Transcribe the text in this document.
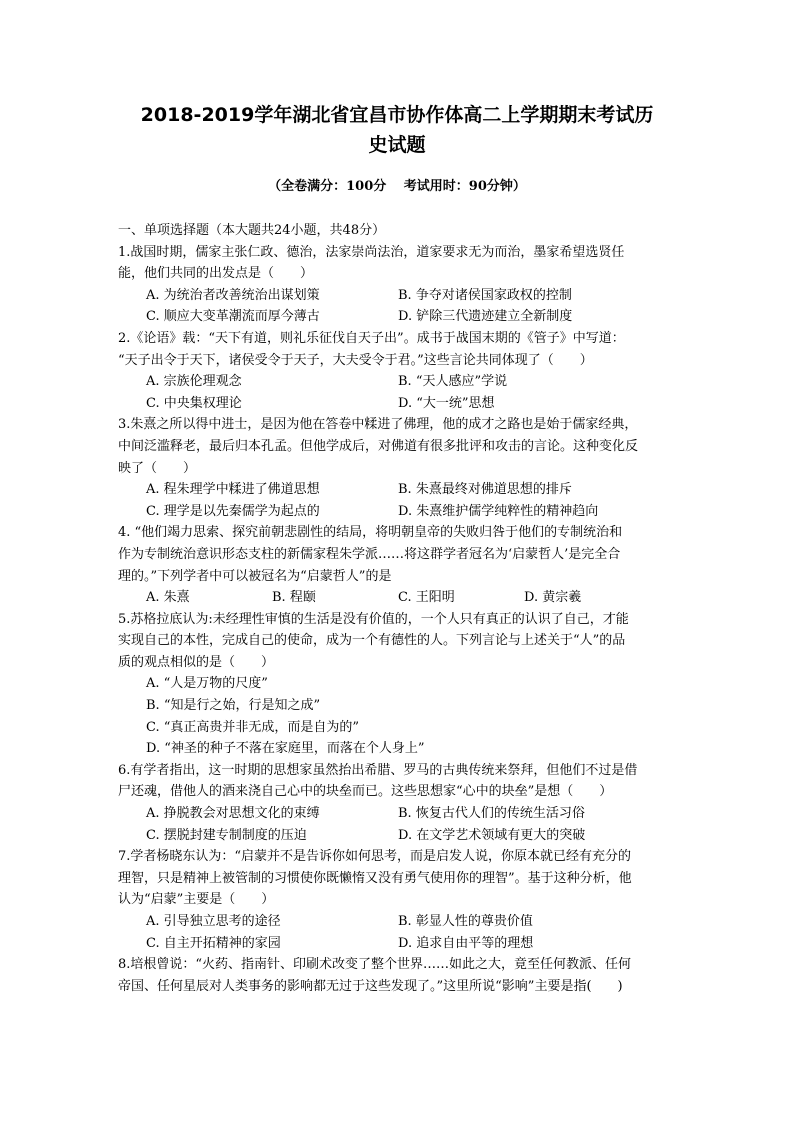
2018-2019学年湖北省宜昌市协作体高二上学期期末考试历
史试题
（全卷满分：100分　 考试用时：90分钟）
一、单项选择题（本大题共24小题，共48分）
1.战国时期，儒家主张仁政、德治，法家崇尚法治，道家要求无为而治，墨家希望选贤任
能，他们共同的出发点是（　　）
A. 为统治者改善统治出谋划策	B. 争夺对诸侯国家政权的控制
C. 顺应大变革潮流而厚今薄古	D. 铲除三代遗迹建立全新制度
2.《论语》载：“天下有道，则礼乐征伐自天子出”。成书于战国末期的《管子》中写道：
“天子出令于天下，诸侯受令于天子，大夫受令于君。”这些言论共同体现了（　　）
A. 宗族伦理观念	B. “天人感应”学说
C. 中央集权理论	D. “大一统”思想
3.朱熹之所以得中进士，是因为他在答卷中糅进了佛理，他的成才之路也是始于儒家经典，
中间泛滥释老，最后归本孔孟。但他学成后，对佛道有很多批评和攻击的言论。这种变化反
映了（　　）
A. 程朱理学中糅进了佛道思想	B. 朱熹最终对佛道思想的排斥
C. 理学是以先秦儒学为起点的	D. 朱熹维护儒学纯粹性的精神趋向
4. “他们竭力思索、探究前朝悲剧性的结局，将明朝皇帝的失败归咎于他们的专制统治和
作为专制统治意识形态支柱的新儒家程朱学派……将这群学者冠名为‘启蒙哲人’是完全合
理的。”下列学者中可以被冠名为“启蒙哲人”的是
A. 朱熹	B. 程颐	C. 王阳明	D. 黄宗羲
5.苏格拉底认为:未经理性审慎的生活是没有价值的，一个人只有真正的认识了自己，才能
实现自己的本性，完成自己的使命，成为一个有德性的人。下列言论与上述关于“人”的品
质的观点相似的是（　　）
A. “人是万物的尺度”
B. “知是行之始，行是知之成”
C. “真正高贵并非无成，而是自为的”
D. “神圣的种子不落在家庭里，而落在个人身上”
6.有学者指出，这一时期的思想家虽然抬出希腊、罗马的古典传统来祭拜，但他们不过是借
尸还魂，借他人的酒来浇自己心中的块垒而已。这些思想家“心中的块垒”是想（　　）
A. 挣脱教会对思想文化的束缚	B. 恢复古代人们的传统生活习俗
C. 摆脱封建专制制度的压迫	D. 在文学艺术领域有更大的突破
7.学者杨晓东认为：“启蒙并不是告诉你如何思考，而是启发人说，你原本就已经有充分的
理智，只是精神上被管制的习惯使你既懒惰又没有勇气使用你的理智”。基于这种分析，他
认为“启蒙”主要是（　　）
A. 引导独立思考的途径	B. 彰显人性的尊贵价值
C. 自主开拓精神的家园	D. 追求自由平等的理想
8.培根曾说：“火药、指南针、印刷术改变了整个世界……如此之大，竟至任何教派、任何
帝国、任何星辰对人类事务的影响都无过于这些发现了。”这里所说“影响”主要是指(　　)
